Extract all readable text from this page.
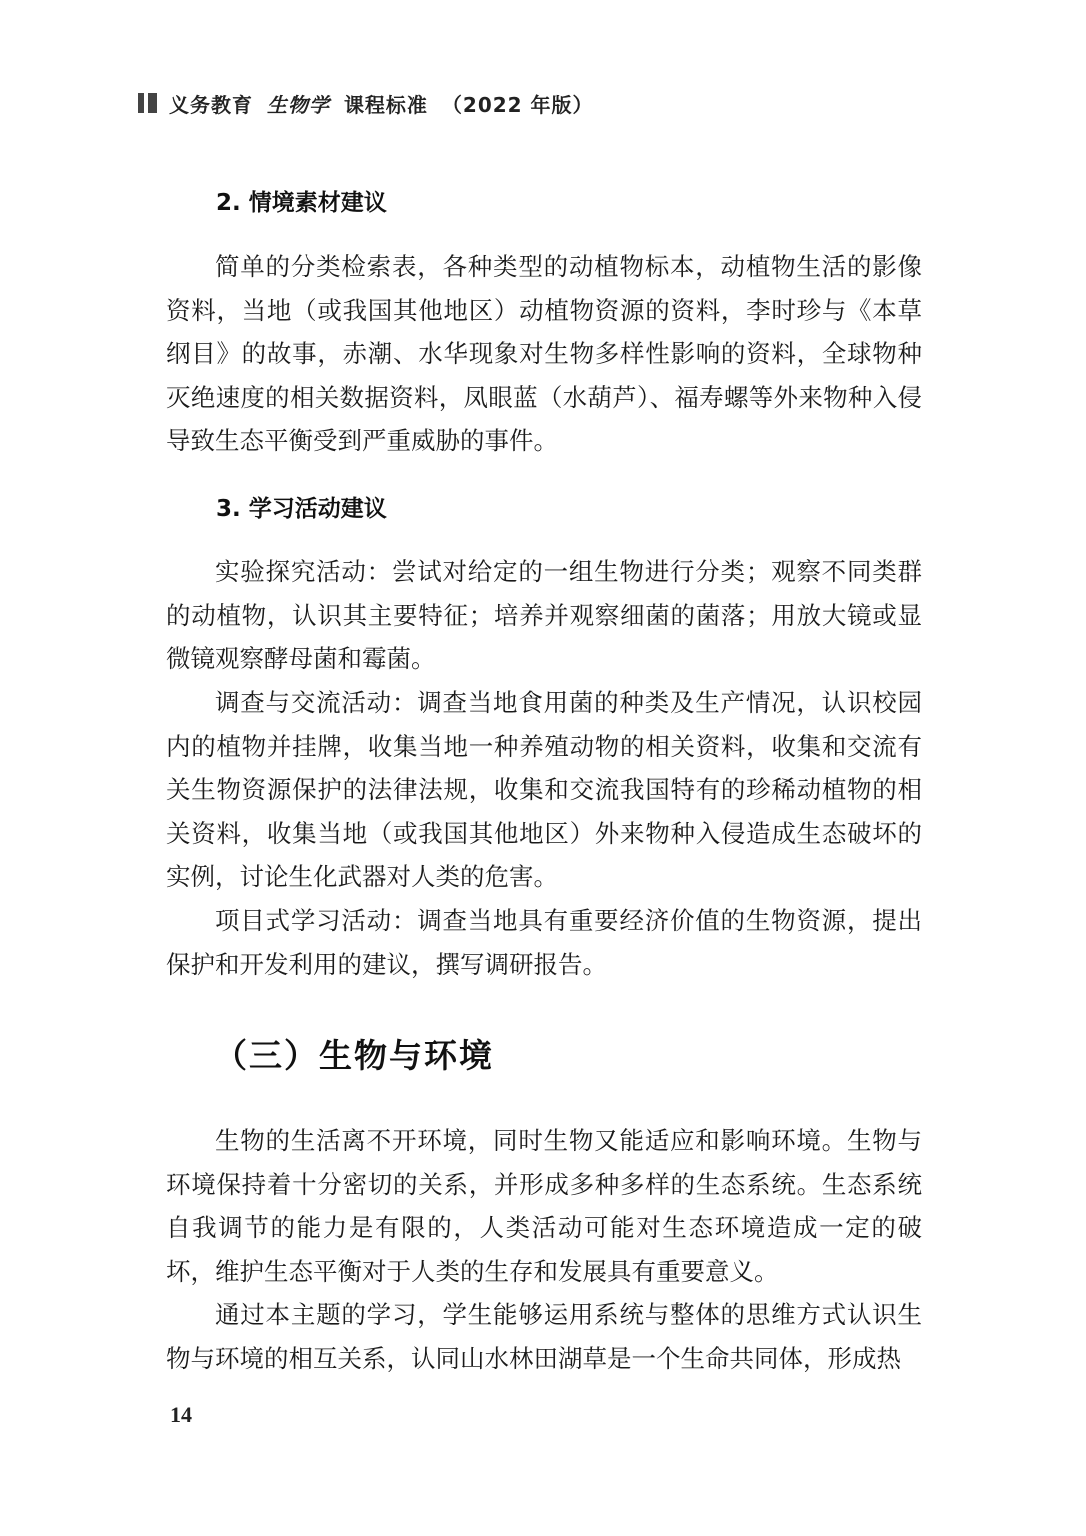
义务教育 生物学 课程标准 （2022 年版）
2. 情境素材建议

简单的分类检索表，各种类型的动植物标本，动植物生活的影像资料，当地（或我国其他地区）动植物资源的资料，李时珍与《本草纲目》的故事，赤潮、水华现象对生物多样性影响的资料，全球物种灭绝速度的相关数据资料，凤眼蓝（水葫芦）、福寿螺等外来物种入侵导致生态平衡受到严重威胁的事件。

3. 学习活动建议

实验探究活动：尝试对给定的一组生物进行分类；观察不同类群的动植物，认识其主要特征；培养并观察细菌的菌落；用放大镜或显微镜观察酵母菌和霉菌。

调查与交流活动：调查当地食用菌的种类及生产情况，认识校园内的植物并挂牌，收集当地一种养殖动物的相关资料，收集和交流有关生物资源保护的法律法规，收集和交流我国特有的珍稀动植物的相关资料，收集当地（或我国其他地区）外来物种入侵造成生态破坏的实例，讨论生化武器对人类的危害。

项目式学习活动：调查当地具有重要经济价值的生物资源，提出保护和开发利用的建议，撰写调研报告。

（三）生物与环境

生物的生活离不开环境，同时生物又能适应和影响环境。生物与环境保持着十分密切的关系，并形成多种多样的生态系统。生态系统自我调节的能力是有限的，人类活动可能对生态环境造成一定的破坏，维护生态平衡对于人类的生存和发展具有重要意义。

通过本主题的学习，学生能够运用系统与整体的思维方式认识生物与环境的相互关系，认同山水林田湖草是一个生命共同体，形成热

14
